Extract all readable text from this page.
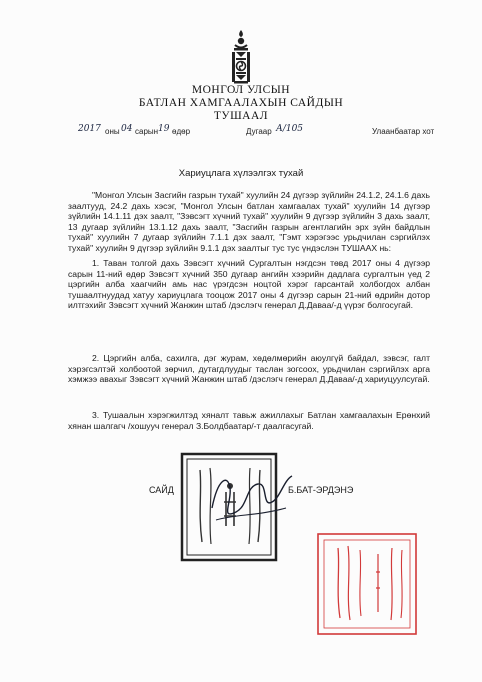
МОНГОЛ УЛСЫН
БАТЛАН ХАМГААЛАХЫН САЙДЫН
ТУШААЛ
2017 оны 04 сарын 19 өдөр	Дугаар А/105	Улаанбаатар хот
Хариуцлага хүлээлгэх тухай

"Монгол Улсын Засгийн газрын тухай" хуулийн 24 дүгээр зүйлийн 24.1.2, 24.1.6 дахь заалтууд, 24.2 дахь хэсэг, "Монгол Улсын батлан хамгаалах тухай" хуулийн 14 дүгээр зүйлийн 14.1.11 дэх заалт, "Зэвсэгт хүчний тухай" хуулийн 9 дүгээр зүйлийн 3 дахь заалт, 13 дугаар зүйлийн 13.1.12 дахь заалт, "Засгийн газрын агентлагийн эрх зүйн байдлын тухай" хуулийн 7 дугаар зүйлийн 7.1.1 дэх заалт, "Гэмт хэрэгээс урьдчилан сэргийлэх тухай" хуулийн 9 дүгээр зүйлийн 9.1.1 дэх заалтыг тус тус үндэслэн ТУШААХ нь:

1. Таван толгой дахь Зэвсэгт хүчний Сургалтын нэгдсэн төвд 2017 оны 4 дүгээр сарын 11-ний өдөр Зэвсэгт хүчний 350 дугаар ангийн хээрийн дадлага сургалтын үед 2 цэргийн алба хаагчийн амь нас үрэгдсэн ноцтой хэрэг гарсантай холбогдох албан тушаалтнуудад хатуу хариуцлага тооцож 2017 оны 4 дүгээр сарын 21-ний өдрийн дотор илтгэхийг Зэвсэгт хүчний Жанжин штаб /дэслэгч генерал Д.Даваа/-д үүрэг болгосугай.

2. Цэргийн алба, сахилга, дэг журам, хөдөлмөрийн аюулгүй байдал, зэвсэг, галт хэрэгсэлтэй холбоотой зөрчил, дутагдлуудыг таслан зогсоох, урьдчилан сэргийлэх арга хэмжээ авахыг Зэвсэгт хүчний Жанжин штаб /дэслэгч генерал Д.Даваа/-д хариуцуулсугай.

3. Тушаалын хэрэгжилтэд хяналт тавьж ажиллахыг Батлан хамгаалахын Ерөнхий хянан шалгагч /хошууч генерал З.Болдбаатар/-т даалгасугай.

САЙД	Б.БАТ-ЭРДЭНЭ
